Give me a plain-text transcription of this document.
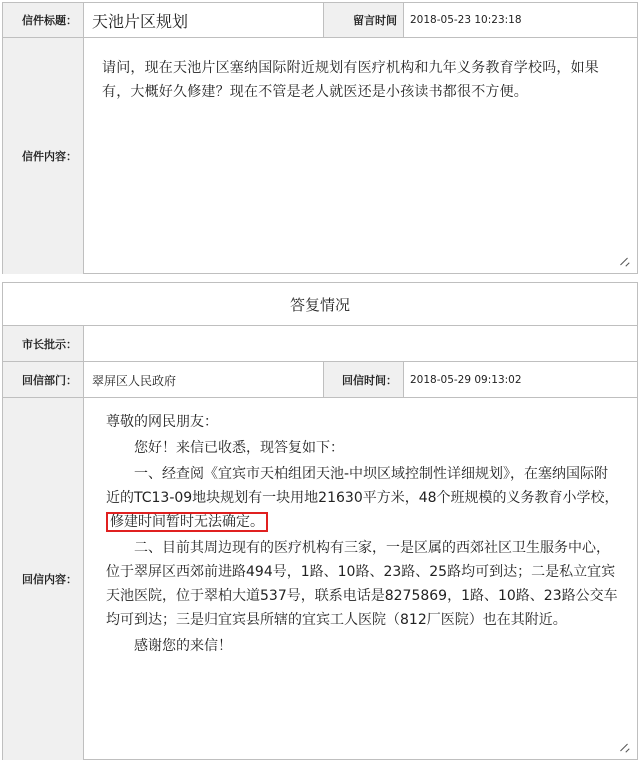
信件标题： 天池片区规划	留言时间	2018-05-23 10:23:18
信件内容：

请问，现在天池片区塞纳国际附近规划有医疗机构和九年义务教育学校吗，如果有，大概好久修建？现在不管是老人就医还是小孩读书都很不方便。

答复情况
市长批示：
回信部门：	翠屏区人民政府	回信时间：	2018-05-29 09:13:02
回信内容：

尊敬的网民朋友：

您好！来信已收悉，现答复如下：

一、经查阅《宜宾市天柏组团天池-中坝区域控制性详细规划》，在塞纳国际附近的TC13-09地块规划有一块用地21630平方米，48个班规模的义务教育小学校，修建时间暂时无法确定。

二、目前其周边现有的医疗机构有三家，一是区属的西郊社区卫生服务中心，位于翠屏区西郊前进路494号，1路、10路、23路、25路均可到达；二是私立宜宾天池医院，位于翠柏大道537号，联系电话是8275869，1路、10路、23路公交车均可到达；三是归宜宾县所辖的宜宾工人医院（812厂医院）也在其附近。

感谢您的来信！
